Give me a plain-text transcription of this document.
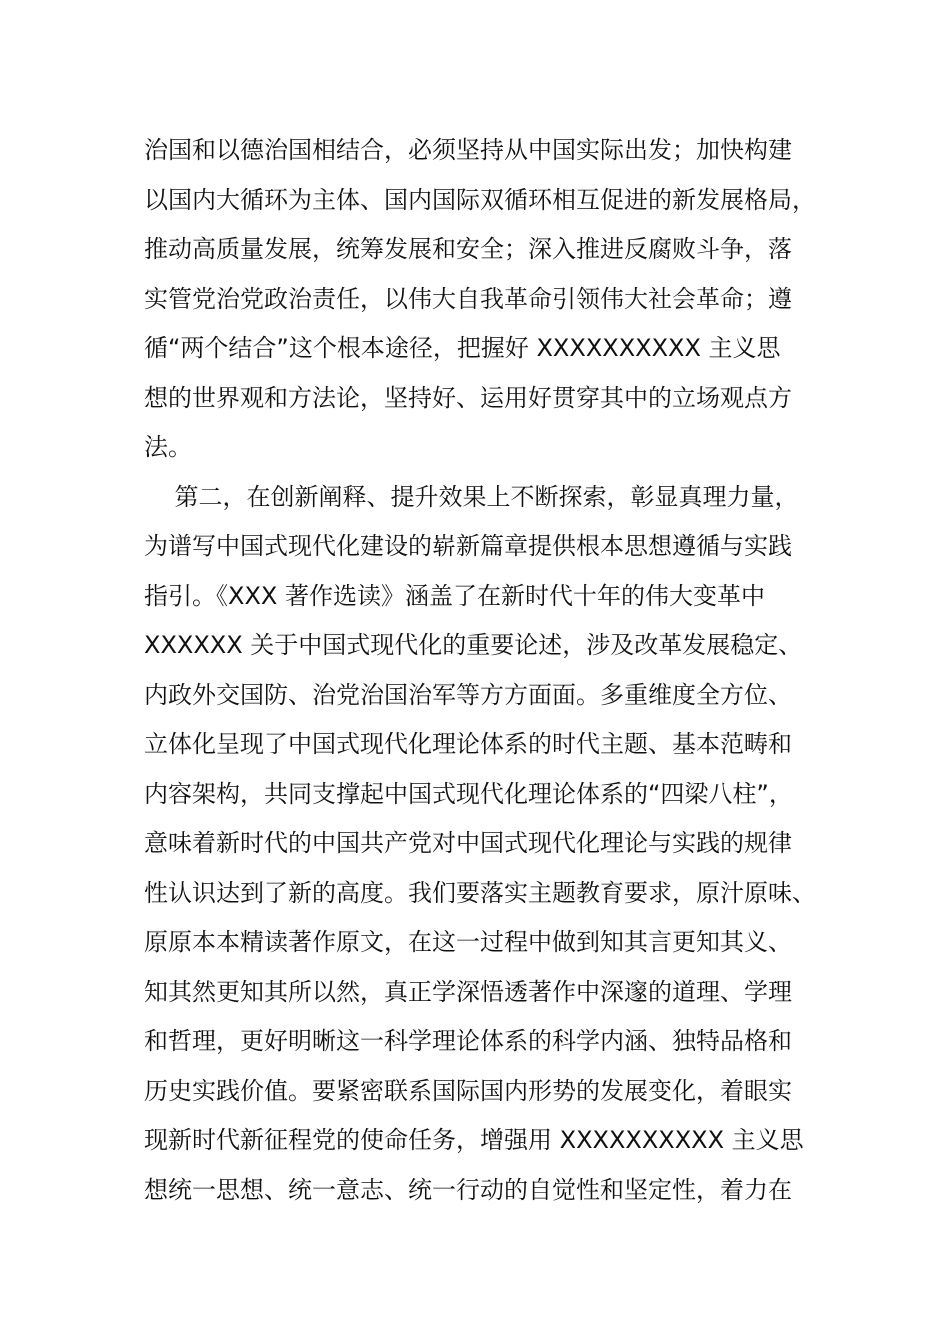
治国和以德治国相结合，必须坚持从中国实际出发；加快构建
以国内大循环为主体、国内国际双循环相互促进的新发展格局，
推动高质量发展，统筹发展和安全；深入推进反腐败斗争，落
实管党治党政治责任，以伟大自我革命引领伟大社会革命；遵
循“两个结合”这个根本途径，把握好 XXXXXXXXXX 主义思
想的世界观和方法论，坚持好、运用好贯穿其中的立场观点方
法。
第二，在创新阐释、提升效果上不断探索，彰显真理力量，
为谱写中国式现代化建设的崭新篇章提供根本思想遵循与实践
指引。《XXX 著作选读》涵盖了在新时代十年的伟大变革中
XXXXXX 关于中国式现代化的重要论述，涉及改革发展稳定、
内政外交国防、治党治国治军等方方面面。多重维度全方位、
立体化呈现了中国式现代化理论体系的时代主题、基本范畴和
内容架构，共同支撑起中国式现代化理论体系的“四梁八柱”，
意味着新时代的中国共产党对中国式现代化理论与实践的规律
性认识达到了新的高度。我们要落实主题教育要求，原汁原味、
原原本本精读著作原文，在这一过程中做到知其言更知其义、
知其然更知其所以然，真正学深悟透著作中深邃的道理、学理
和哲理，更好明晰这一科学理论体系的科学内涵、独特品格和
历史实践价值。要紧密联系国际国内形势的发展变化，着眼实
现新时代新征程党的使命任务，增强用 XXXXXXXXXX 主义思
想统一思想、统一意志、统一行动的自觉性和坚定性，着力在
